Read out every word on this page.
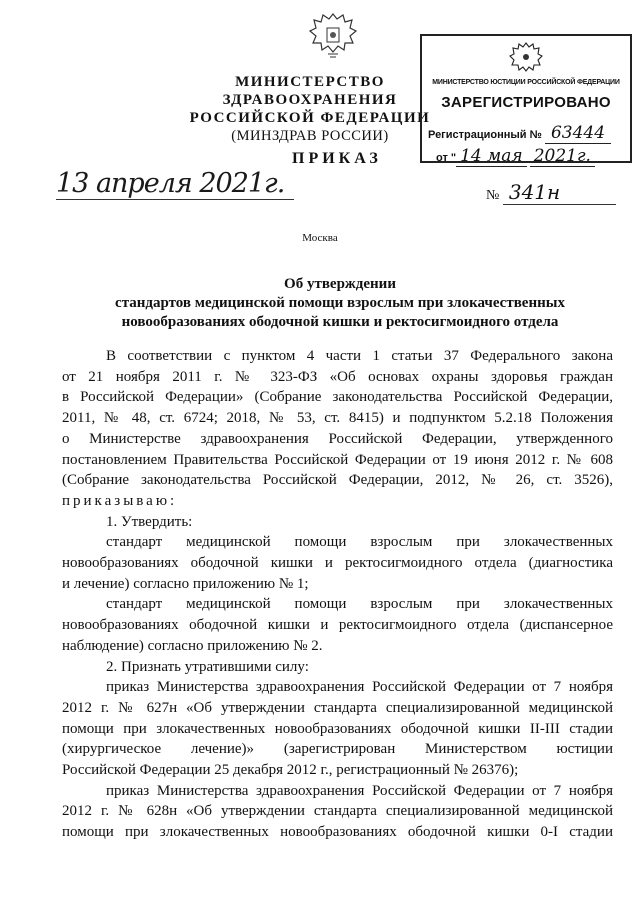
МИНИСТЕРСТВО ЗДРАВООХРАНЕНИЯ
РОССИЙСКОЙ ФЕДЕРАЦИИ
(МИНЗДРАВ РОССИИ)
ПРИКАЗ
МИНИСТЕРСТВО ЮСТИЦИИ РОССИЙСКОЙ ФЕДЕРАЦИИ
ЗАРЕГИСТРИРОВАНО
Регистрационный № 63444
от " 14 мая 2021г.
13 апреля 2021г.	№ 341н
Москва
Об утверждении
стандартов медицинской помощи взрослым при злокачественных
новообразованиях ободочной кишки и ректосигмоидного отдела

В соответствии с пунктом 4 части 1 статьи 37 Федерального закона

от 21 ноября 2011 г. № 323-ФЗ «Об основах охраны здоровья граждан

в Российской Федерации» (Собрание законодательства Российской Федерации,

2011, № 48, ст. 6724; 2018, № 53, ст. 8415) и подпунктом 5.2.18 Положения

о Министерстве здравоохранения Российской Федерации, утвержденного

постановлением Правительства Российской Федерации от 19 июня 2012 г. № 608

(Собрание законодательства Российской Федерации, 2012, № 26, ст. 3526),

приказываю:

1. Утвердить:

стандарт медицинской помощи взрослым при злокачественных

новообразованиях ободочной кишки и ректосигмоидного отдела (диагностика

и лечение) согласно приложению № 1;

стандарт медицинской помощи взрослым при злокачественных

новообразованиях ободочной кишки и ректосигмоидного отдела (диспансерное

наблюдение) согласно приложению № 2.

2. Признать утратившими силу:

приказ Министерства здравоохранения Российской Федерации от 7 ноября

2012 г. № 627н «Об утверждении стандарта специализированной медицинской

помощи при злокачественных новообразованиях ободочной кишки II-III стадии

(хирургическое лечение)» (зарегистрирован Министерством юстиции

Российской Федерации 25 декабря 2012 г., регистрационный № 26376);

приказ Министерства здравоохранения Российской Федерации от 7 ноября

2012 г. № 628н «Об утверждении стандарта специализированной медицинской

помощи при злокачественных новообразованиях ободочной кишки 0-I стадии
